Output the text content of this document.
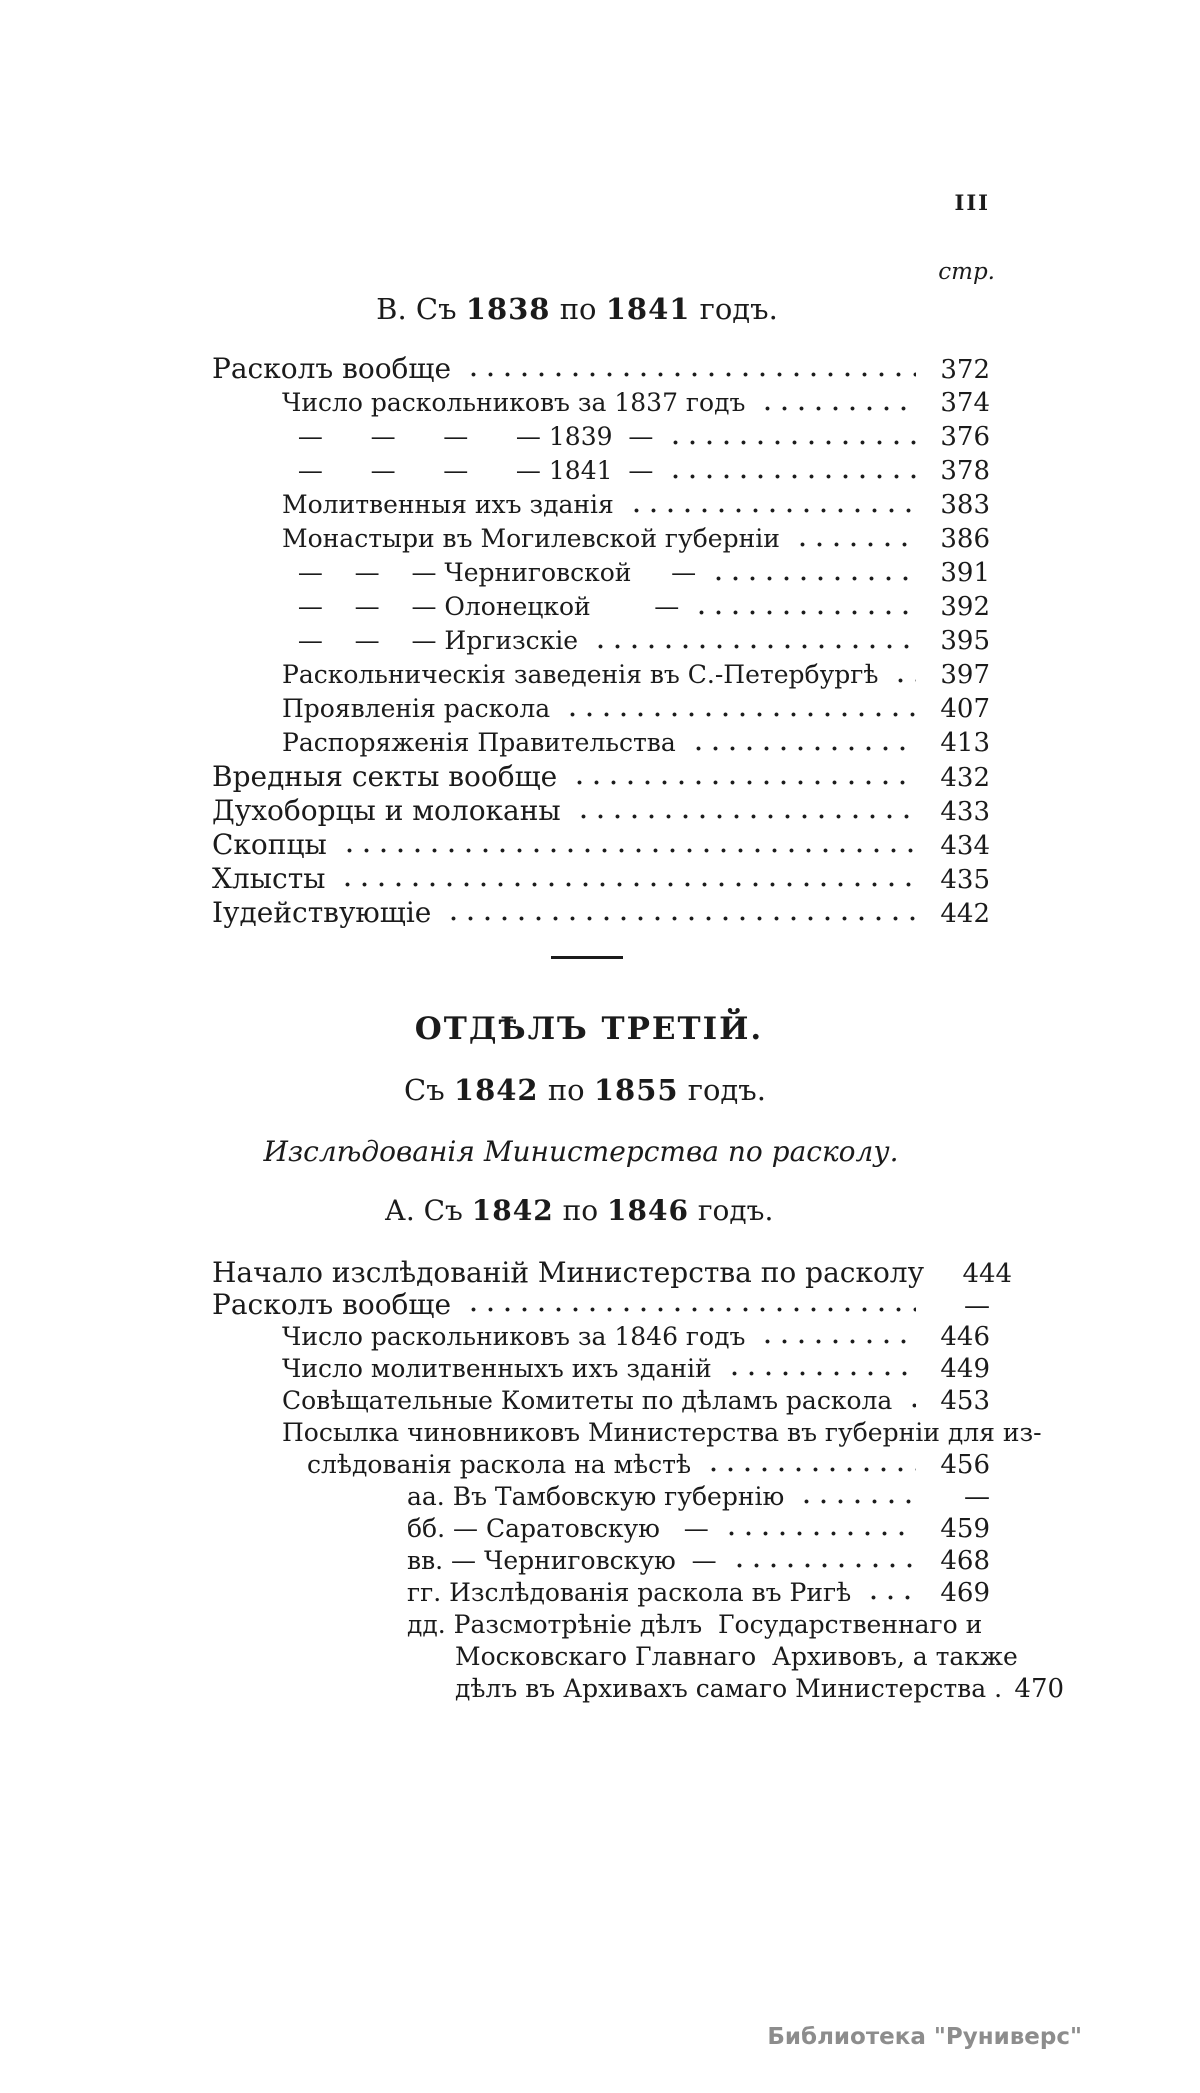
III
стр.
В. Съ 1838 по 1841 годъ.
Расколъ вообще	372
Число раскольниковъ за 1837 годъ	374
—      —      —      — 1839  —	376
—      —      —      — 1841  —	378
Молитвенныя ихъ зданія	383
Монастыри въ Могилевской губерніи	386
—    —    — Черниговской     —	391
—    —    — Олонецкой        —	392
—    —    — Иргизскіе	395
Раскольническія заведенія въ С.-Петербургѣ	397
Проявленія раскола	407
Распоряженія Правительства	413
Вредныя секты вообще	432
Духоборцы и молоканы	433
Скопцы	434
Хлысты	435
Іудействующіе	442
ОТДѢЛЪ ТРЕТІЙ.
Съ 1842 по 1855 годъ.
Изслѣдованія Министерства по расколу.
А. Съ 1842 по 1846 годъ.
Начало изслѣдованій Министерства по расколу	444
Расколъ вообще	—
Число раскольниковъ за 1846 годъ	446
Число молитвенныхъ ихъ зданій	449
Совѣщательные Комитеты по дѣламъ раскола	453
Посылка чиновниковъ Министерства въ губерніи для из-
слѣдованія раскола на мѣстѣ	456
аа. Въ Тамбовскую губернію	—
бб. — Саратовскую   —	459
вв. — Черниговскую  —	468
гг. Изслѣдованія раскола въ Ригѣ	469
дд. Разсмотрѣніе дѣлъ  Государственнаго и
Московскаго Главнаго  Архивовъ, а также
дѣлъ въ Архивахъ самаго Министерства . 470
Библиотека "Руниверс"
